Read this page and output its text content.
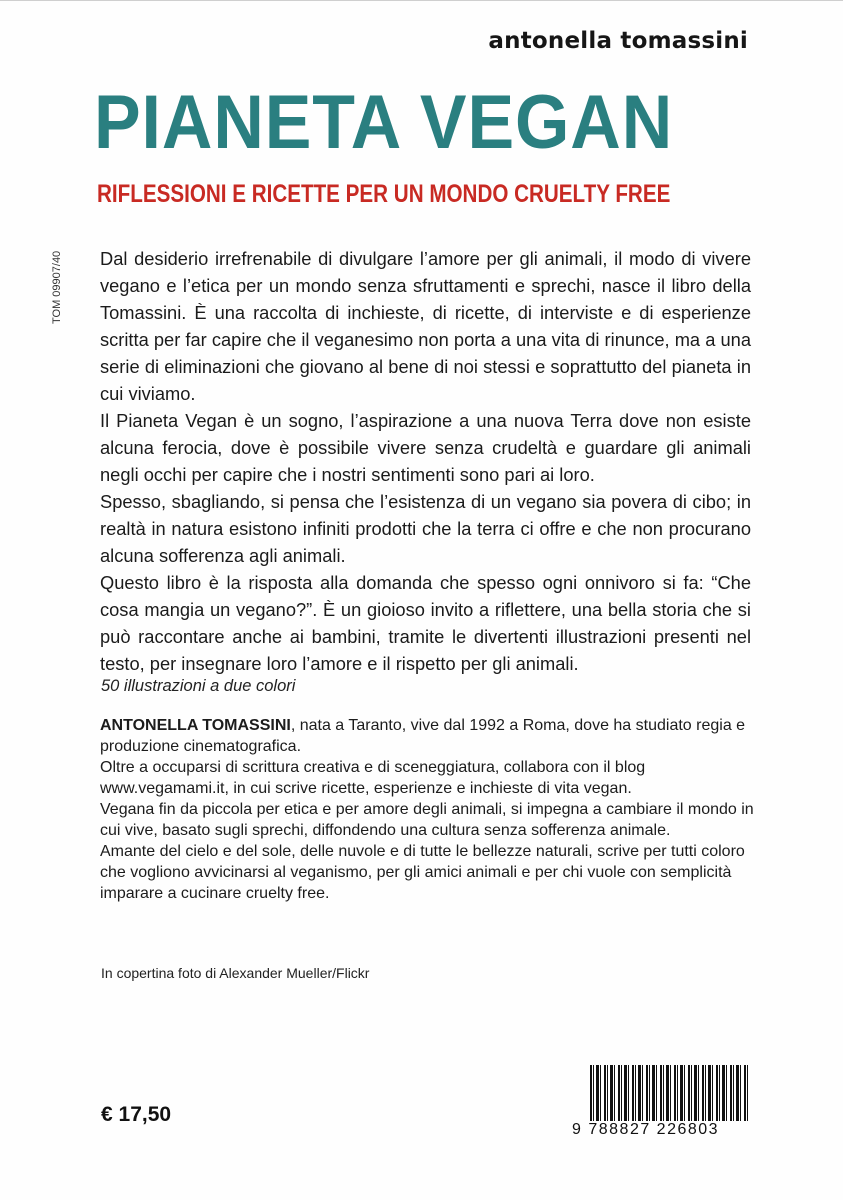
antonella tomassini
PIANETA VEGAN
RIFLESSIONI E RICETTE PER UN MONDO CRUELTY FREE
TOM 09907/40 Dal desiderio irrefrenabile di divulgare l’amore per gli animali, il modo di vivere vegano e l’etica per un mondo senza sfruttamenti e sprechi, nasce il libro della Tomassini. È una raccolta di inchieste, di ricette, di interviste e di esperienze scritta per far capire che il veganesimo non porta a una vita di rinunce, ma a una serie di eliminazioni che giovano al bene di noi stessi e soprattutto del pianeta in cui viviamo.

Il Pianeta Vegan è un sogno, l’aspirazione a una nuova Terra dove non esiste alcuna ferocia, dove è possibile vivere senza crudeltà e guardare gli animali negli occhi per capire che i nostri sentimenti sono pari ai loro.

Spesso, sbagliando, si pensa che l’esistenza di un vegano sia povera di cibo; in realtà in natura esistono infiniti prodotti che la terra ci offre e che non procurano alcuna sofferenza agli animali.

Questo libro è la risposta alla domanda che spesso ogni onnivoro si fa: “Che cosa mangia un vegano?”. È un gioioso invito a riflettere, una bella storia che si può raccontare anche ai bambini, tramite le divertenti illustrazioni presenti nel testo, per insegnare loro l’amore e il rispetto per gli animali.

50 illustrazioni a due colori

ANTONELLA TOMASSINI, nata a Taranto, vive dal 1992 a Roma, dove ha studiato regia e produzione cinematografica.

Oltre a occuparsi di scrittura creativa e di sceneggiatura, collabora con il blog www.vegamami.it, in cui scrive ricette, esperienze e inchieste di vita vegan.

Vegana fin da piccola per etica e per amore degli animali, si impegna a cambiare il mondo in cui vive, basato sugli sprechi, diffondendo una cultura senza sofferenza animale.

Amante del cielo e del sole, delle nuvole e di tutte le bellezze naturali, scrive per tutti coloro che vogliono avvicinarsi al veganismo, per gli amici animali e per chi vuole con semplicità imparare a cucinare cruelty free.

In copertina foto di Alexander Mueller/Flickr
€ 17,50
9 788827 226803
